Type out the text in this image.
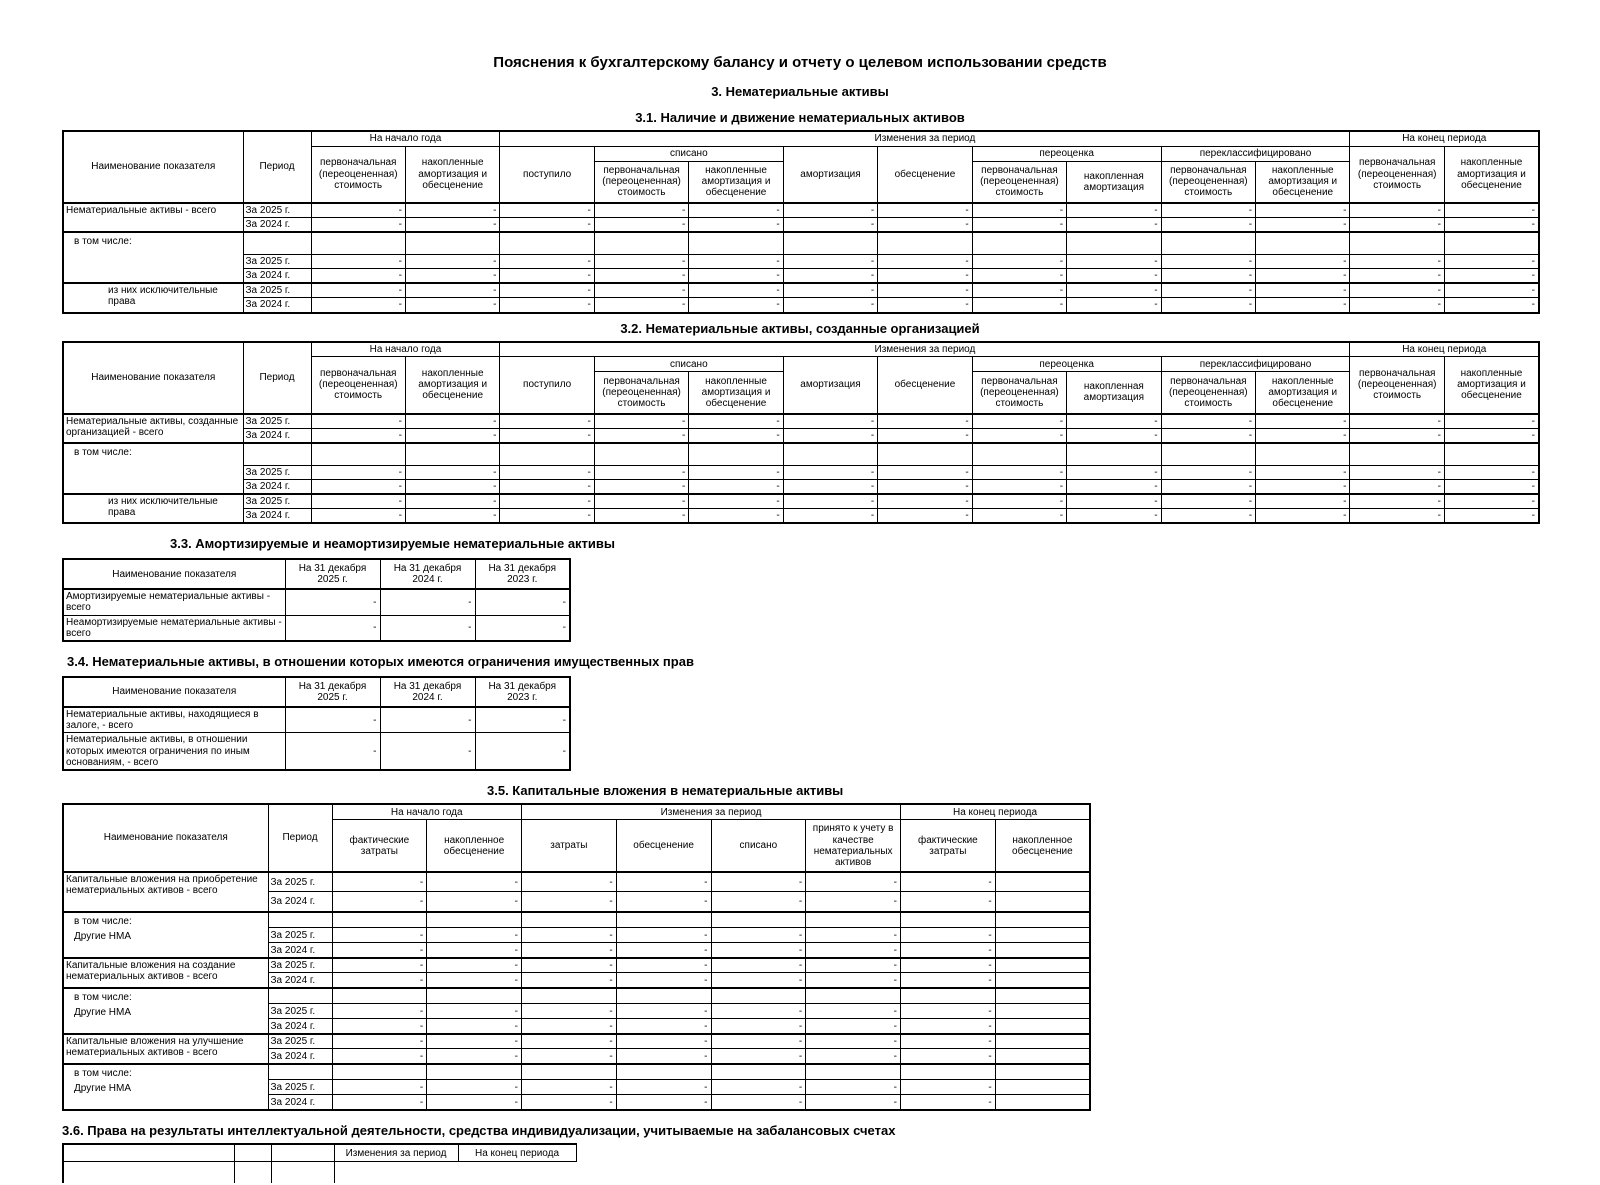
Пояснения к бухгалтерскому балансу и отчету о целевом использовании средств
3. Нематериальные активы
3.1. Наличие и движение нематериальных активов
Наименование показателя	Период	На начало года		Изменения за период									На конец периода	
		первоначальная (переоцененная) стоимость	накопленные амортизация и обесценение	поступило	списано		амортизация	обесценение	переоценка		переклассифицировано		первоначальная (переоцененная) стоимость	накопленные амортизация и обесценение
					первоначальная (переоцененная) стоимость	накопленные амортизация и обесценение			первоначальная (переоцененная) стоимость	накопленная амортизация	первоначальная (переоцененная) стоимость	накопленные амортизация и обесценение		
Нематериальные активы - всего	За 2025 г.	-	-	-	-	-	-	-	-	-	-	-	-	-
	За 2024 г.	-	-	-	-	-	-	-	-	-	-	-	-	-
в том числе:														
	За 2025 г.	-	-	-	-	-	-	-	-	-	-	-	-	-
	За 2024 г.	-	-	-	-	-	-	-	-	-	-	-	-	-
из них исключительные права	За 2025 г.	-	-	-	-	-	-	-	-	-	-	-	-	-
	За 2024 г.	-	-	-	-	-	-	-	-	-	-	-	-	-
3.2. Нематериальные активы, созданные организацией
Наименование показателя	Период	На начало года		Изменения за период									На конец периода	
		первоначальная (переоцененная) стоимость	накопленные амортизация и обесценение	поступило	списано		амортизация	обесценение	переоценка		переклассифицировано		первоначальная (переоцененная) стоимость	накопленные амортизация и обесценение
					первоначальная (переоцененная) стоимость	накопленные амортизация и обесценение			первоначальная (переоцененная) стоимость	накопленная амортизация	первоначальная (переоцененная) стоимость	накопленные амортизация и обесценение		
Нематериальные активы, созданные организацией - всего	За 2025 г.	-	-	-	-	-	-	-	-	-	-	-	-	-
	За 2024 г.	-	-	-	-	-	-	-	-	-	-	-	-	-
в том числе:														
	За 2025 г.	-	-	-	-	-	-	-	-	-	-	-	-	-
	За 2024 г.	-	-	-	-	-	-	-	-	-	-	-	-	-
из них исключительные права	За 2025 г.	-	-	-	-	-	-	-	-	-	-	-	-	-
	За 2024 г.	-	-	-	-	-	-	-	-	-	-	-	-	-
3.3. Амортизируемые и неамортизируемые нематериальные активы
Наименование показателя	На 31 декабря 2025 г.	На 31 декабря 2024 г.	На 31 декабря 2023 г.
Амортизируемые нематериальные активы - всего	-	-	-
Неамортизируемые нематериальные активы - всего	-	-	-
3.4. Нематериальные активы, в отношении которых имеются ограничения имущественных прав
Наименование показателя	На 31 декабря 2025 г.	На 31 декабря 2024 г.	На 31 декабря 2023 г.
Нематериальные активы, находящиеся в залоге, - всего	-	-	-
Нематериальные активы, в отношении которых имеются ограничения по иным основаниям, - всего	-	-	-
3.5. Капитальные вложения в нематериальные активы
Наименование показателя	Период	На начало года		Изменения за период				На конец периода	
		фактические затраты	накопленное обесценение	затраты	обесценение	списано	принято к учету в качестве нематериальных активов	фактические затраты	накопленное обесценение
Капитальные вложения на приобретение нематериальных активов - всего	За 2025 г.	-	-	-	-	-	-	-	
	За 2024 г.	-	-	-	-	-	-	-	
в том числе:
Другие НМА									
	За 2025 г.	-	-	-	-	-	-	-	
	За 2024 г.	-	-	-	-	-	-	-	
Капитальные вложения на создание нематериальных активов - всего	За 2025 г.	-	-	-	-	-	-	-	
	За 2024 г.	-	-	-	-	-	-	-	
в том числе:
Другие НМА									
	За 2025 г.	-	-	-	-	-	-	-	
	За 2024 г.	-	-	-	-	-	-	-	
Капитальные вложения на улучшение нематериальных активов - всего	За 2025 г.	-	-	-	-	-	-	-	
	За 2024 г.	-	-	-	-	-	-	-	
в том числе:
Другие НМА									
	За 2025 г.	-	-	-	-	-	-	-	
	За 2024 г.	-	-	-	-	-	-	-	
3.6. Права на результаты интеллектуальной деятельности, средства индивидуализации, учитываемые на забалансовых счетах
			Изменения за период	На конец периода
